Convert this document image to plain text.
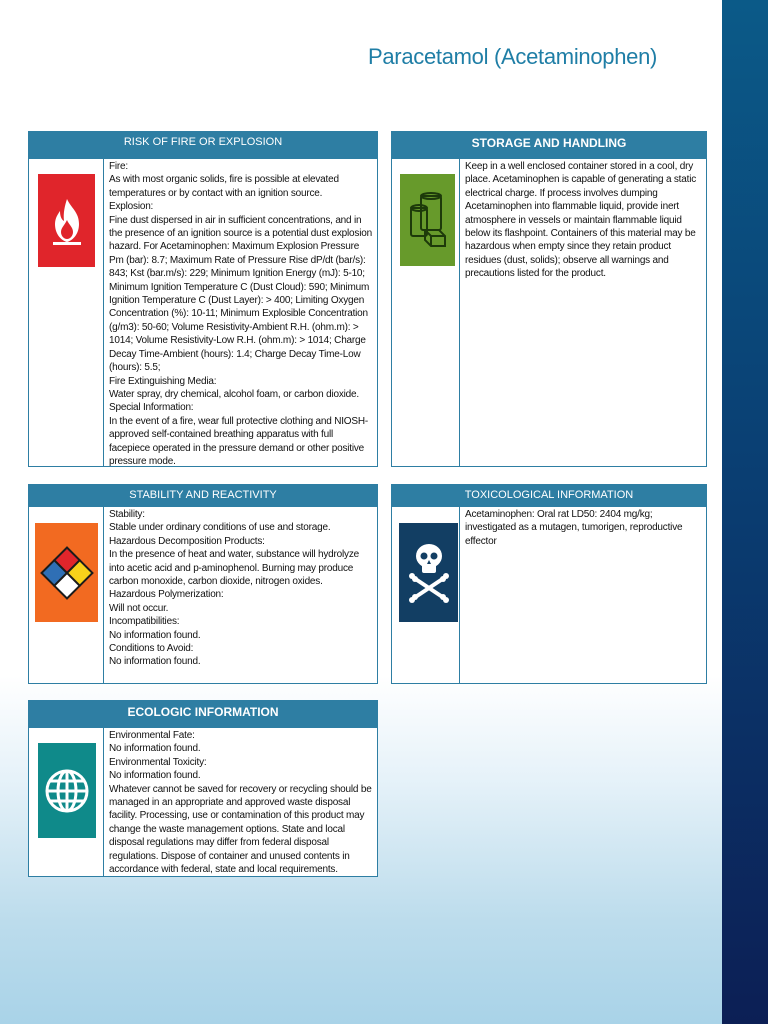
Paracetamol (Acetaminophen)
RISK OF FIRE OR EXPLOSION
Fire:
As with most organic solids, fire is possible at elevated temperatures or by contact with an ignition source.
Explosion:
Fine dust dispersed in air in sufficient concentrations, and in the presence of an ignition source is a potential dust explosion hazard. For Acetaminophen: Maximum Explosion Pressure Pm (bar): 8.7; Maximum Rate of Pressure Rise dP/dt (bar/s): 843; Kst (bar.m/s): 229; Minimum Ignition Energy (mJ): 5-10; Minimum Ignition Temperature C (Dust Cloud): 590; Minimum Ignition Temperature C (Dust Layer): > 400; Limiting Oxygen Concentration (%): 10-11; Minimum Explosible Concentration (g/m3): 50-60; Volume Resistivity-Ambient R.H. (ohm.m): > 1014; Volume Resistivity-Low R.H. (ohm.m): > 1014; Charge Decay Time-Ambient (hours): 1.4; Charge Decay Time-Low (hours): 5.5;
Fire Extinguishing Media:
Water spray, dry chemical, alcohol foam, or carbon dioxide.
Special Information:
In the event of a fire, wear full protective clothing and NIOSH-approved self-contained breathing apparatus with full facepiece operated in the pressure demand or other positive pressure mode.
STORAGE AND HANDLING
Keep in a well enclosed container stored in a cool, dry place. Acetaminophen is capable of generating a static electrical charge. If process involves dumping Acetaminophen into flammable liquid, provide inert atmosphere in vessels or maintain flammable liquid below its flashpoint. Containers of this material may be hazardous when empty since they retain product residues (dust, solids); observe all warnings and precautions listed for the product.
STABILITY AND REACTIVITY
Stability:
Stable under ordinary conditions of use and storage.
Hazardous Decomposition Products:
In the presence of heat and water, substance will hydrolyze into acetic acid and p-aminophenol. Burning may produce carbon monoxide, carbon dioxide, nitrogen oxides.
Hazardous Polymerization:
Will not occur.
Incompatibilities:
No information found.
Conditions to Avoid:
No information found.
TOXICOLOGICAL INFORMATION
Acetaminophen: Oral rat LD50: 2404 mg/kg; investigated as a mutagen, tumorigen, reproductive effector
ECOLOGIC INFORMATION
Environmental Fate:
No information found.
Environmental Toxicity:
No information found.
Whatever cannot be saved for recovery or recycling should be managed in an appropriate and approved waste disposal facility. Processing, use or contamination of this product may change the waste management options. State and local disposal regulations may differ from federal disposal regulations. Dispose of container and unused contents in accordance with federal, state and local requirements.
